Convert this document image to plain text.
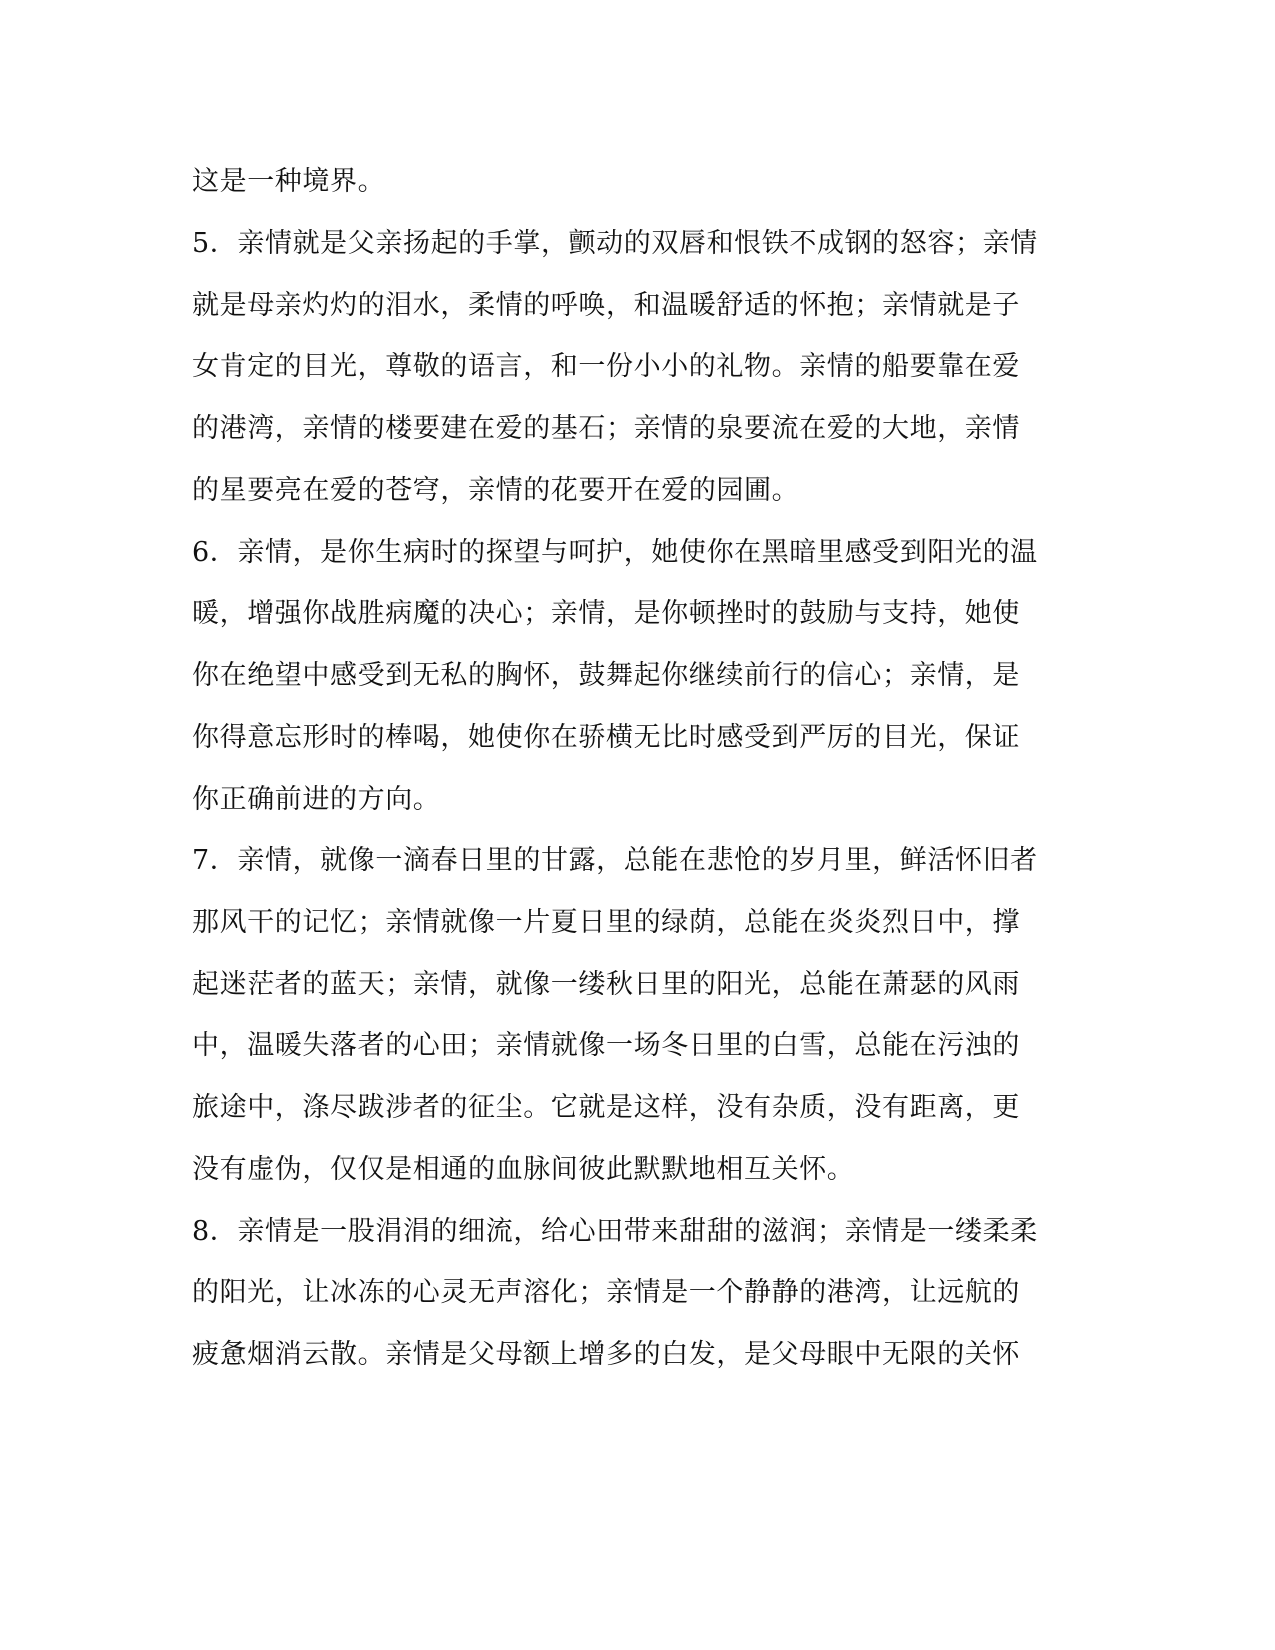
这是一种境界。
5．亲情就是父亲扬起的手掌，颤动的双唇和恨铁不成钢的怒容；亲情
就是母亲灼灼的泪水，柔情的呼唤，和温暖舒适的怀抱；亲情就是子
女肯定的目光，尊敬的语言，和一份小小的礼物。亲情的船要靠在爱
的港湾，亲情的楼要建在爱的基石；亲情的泉要流在爱的大地，亲情
的星要亮在爱的苍穹，亲情的花要开在爱的园圃。
6．亲情，是你生病时的探望与呵护，她使你在黑暗里感受到阳光的温
暖，增强你战胜病魔的决心；亲情，是你顿挫时的鼓励与支持，她使
你在绝望中感受到无私的胸怀，鼓舞起你继续前行的信心；亲情，是
你得意忘形时的棒喝，她使你在骄横无比时感受到严厉的目光，保证
你正确前进的方向。
7．亲情，就像一滴春日里的甘露，总能在悲怆的岁月里，鲜活怀旧者
那风干的记忆；亲情就像一片夏日里的绿荫，总能在炎炎烈日中，撑
起迷茫者的蓝天；亲情，就像一缕秋日里的阳光，总能在萧瑟的风雨
中，温暖失落者的心田；亲情就像一场冬日里的白雪，总能在污浊的
旅途中，涤尽跋涉者的征尘。它就是这样，没有杂质，没有距离，更
没有虚伪，仅仅是相通的血脉间彼此默默地相互关怀。
8．亲情是一股涓涓的细流，给心田带来甜甜的滋润；亲情是一缕柔柔
的阳光，让冰冻的心灵无声溶化；亲情是一个静静的港湾，让远航的
疲惫烟消云散。亲情是父母额上增多的白发，是父母眼中无限的关怀
